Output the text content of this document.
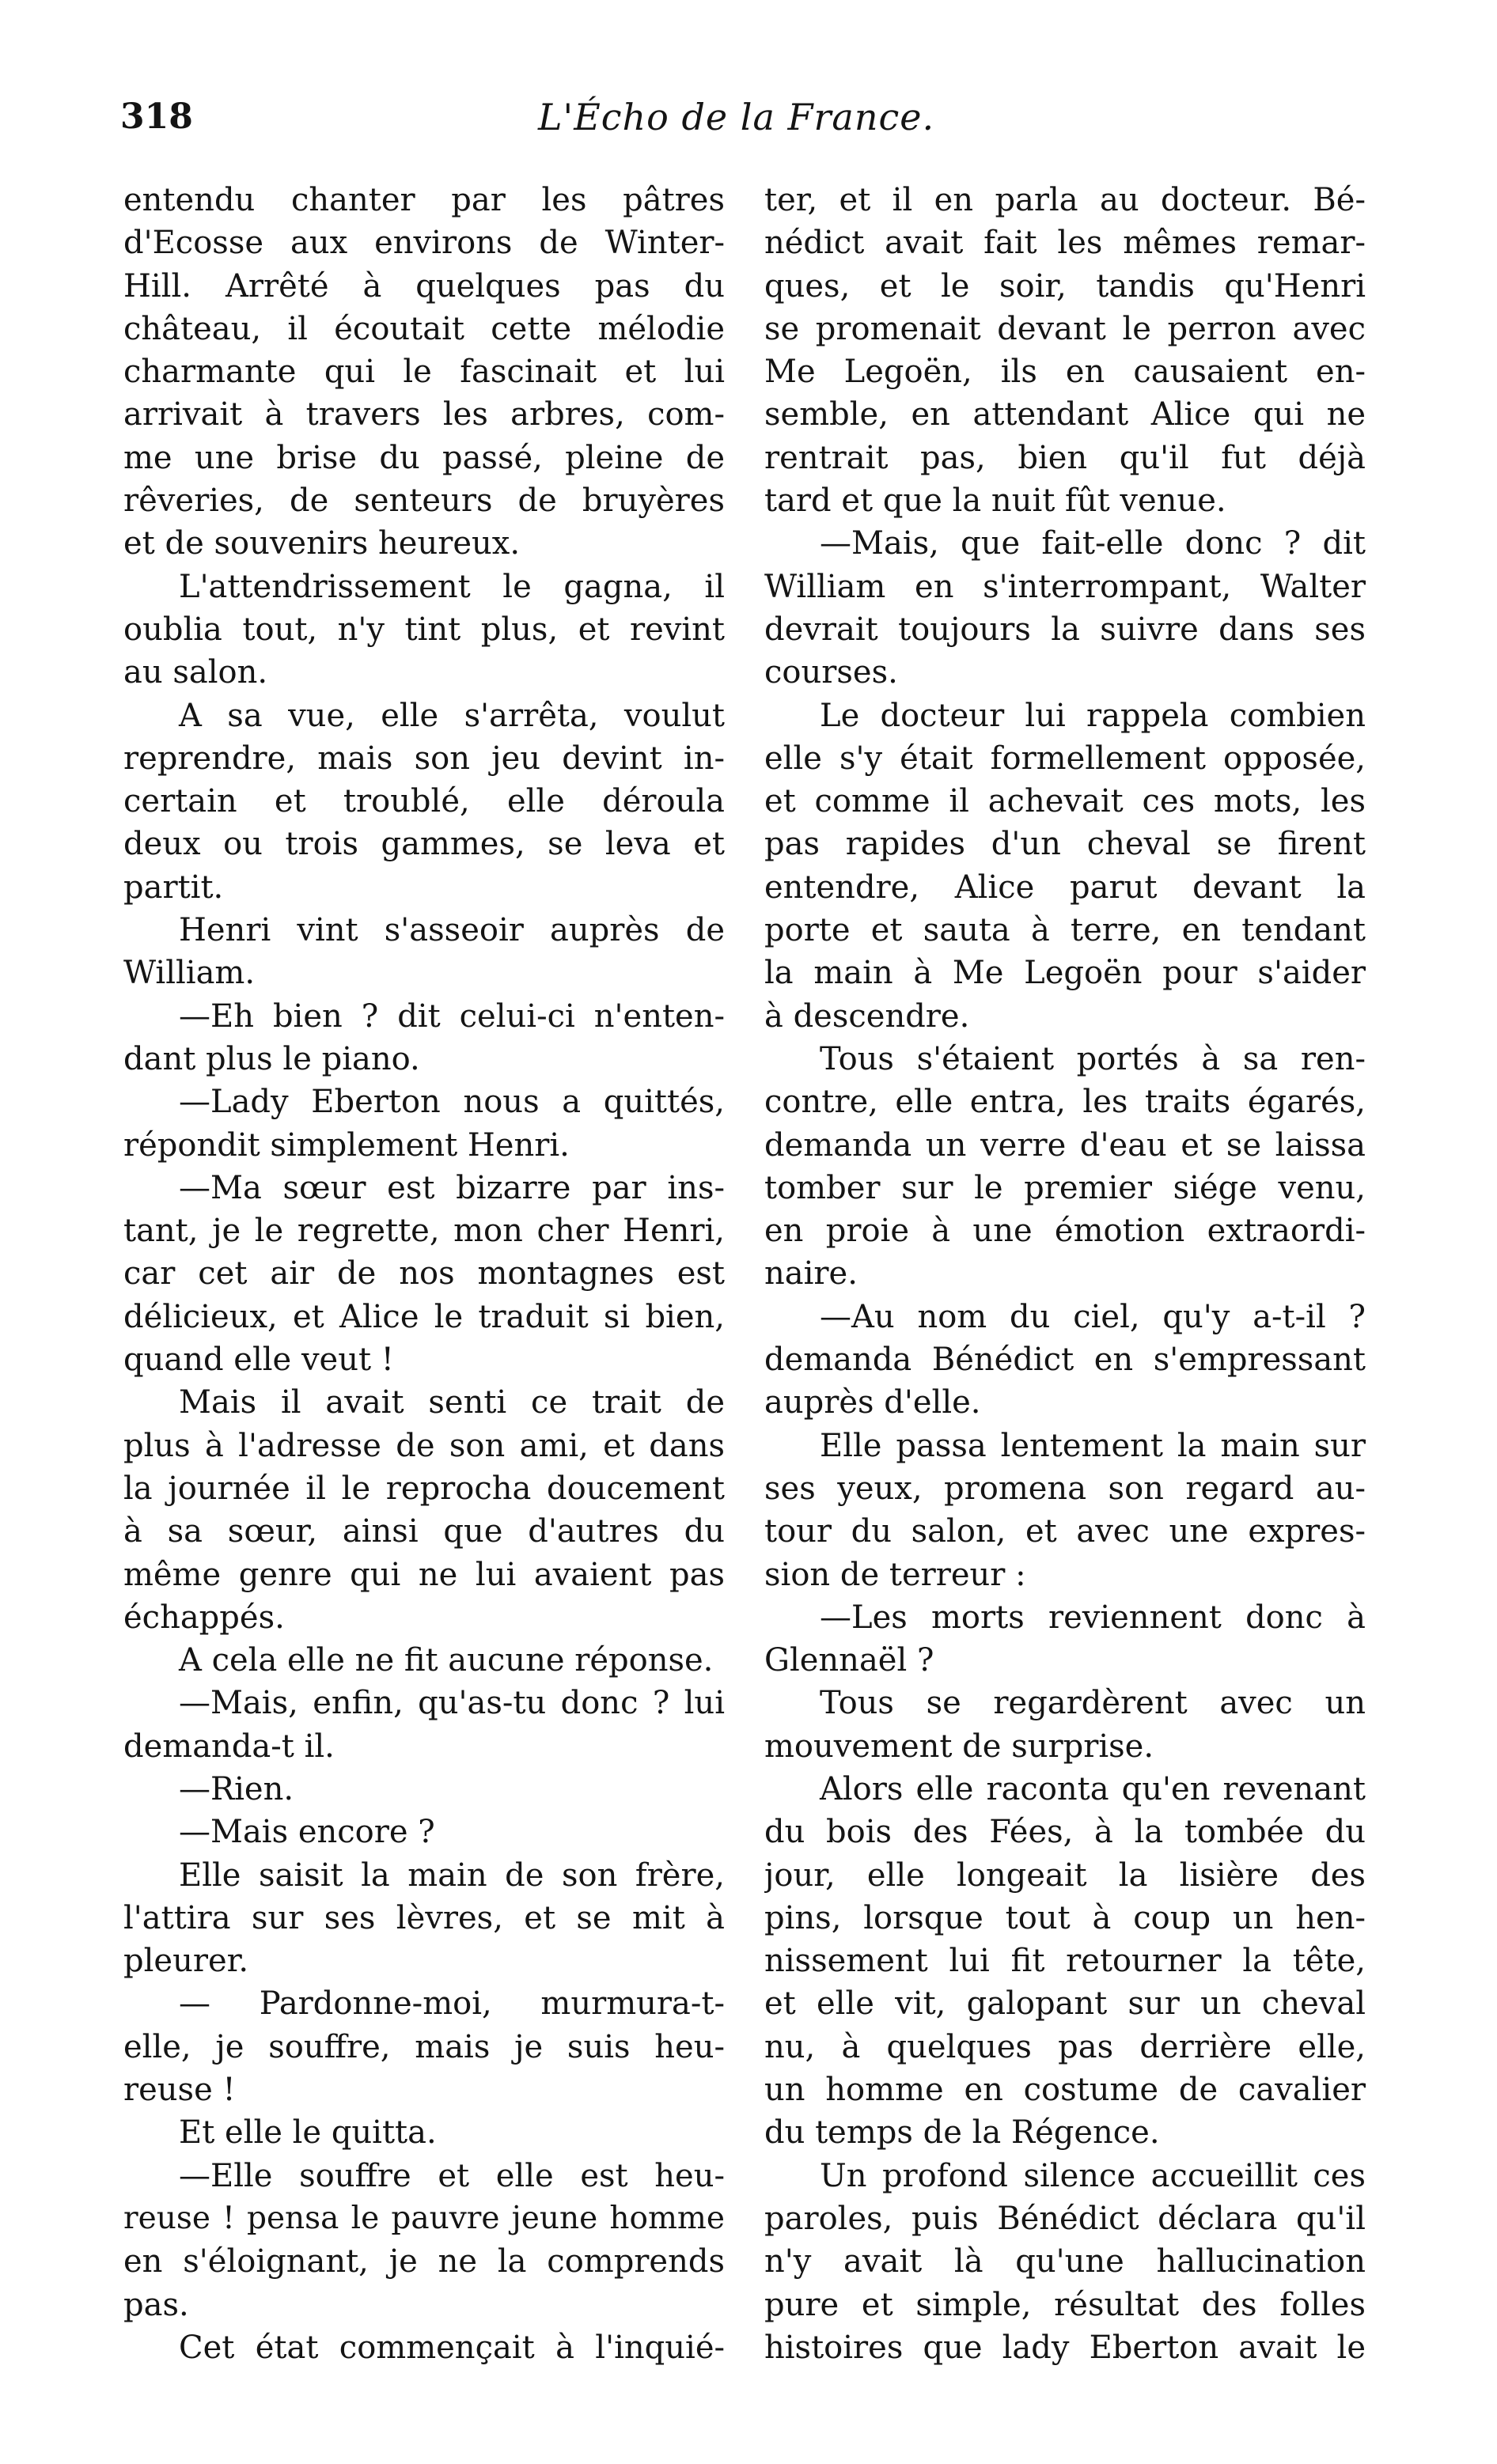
318	L'Écho de la France.
entendu chanter par les pâtres
d'Ecosse aux environs de Winter-
Hill. Arrêté à quelques pas du
château, il écoutait cette mélodie
charmante qui le fascinait et lui
arrivait à travers les arbres, com-
me une brise du passé, pleine de
rêveries, de senteurs de bruyères
et de souvenirs heureux.
L'attendrissement le gagna, il
oublia tout, n'y tint plus, et revint
au salon.
A sa vue, elle s'arrêta, voulut
reprendre, mais son jeu devint in-
certain et troublé, elle déroula
deux ou trois gammes, se leva et
partit.
Henri vint s'asseoir auprès de
William.
—Eh bien ? dit celui-ci n'enten-
dant plus le piano.
—Lady Eberton nous a quittés,
répondit simplement Henri.
—Ma sœur est bizarre par ins-
tant, je le regrette, mon cher Henri,
car cet air de nos montagnes est
délicieux, et Alice le traduit si bien,
quand elle veut !
Mais il avait senti ce trait de
plus à l'adresse de son ami, et dans
la journée il le reprocha doucement
à sa sœur, ainsi que d'autres du
même genre qui ne lui avaient pas
échappés.
A cela elle ne fit aucune réponse.
—Mais, enfin, qu'as-tu donc ? lui
demanda-t il.
—Rien.
—Mais encore ?
Elle saisit la main de son frère,
l'attira sur ses lèvres, et se mit à
pleurer.
— Pardonne-moi, murmura-t-
elle, je souffre, mais je suis heu-
reuse !
Et elle le quitta.
—Elle souffre et elle est heu-
reuse ! pensa le pauvre jeune homme
en s'éloignant, je ne la comprends
pas.
Cet état commençait à l'inquié-
ter, et il en parla au docteur. Bé-
nédict avait fait les mêmes remar-
ques, et le soir, tandis qu'Henri
se promenait devant le perron avec
Me Legoën, ils en causaient en-
semble, en attendant Alice qui ne
rentrait pas, bien qu'il fut déjà
tard et que la nuit fût venue.
—Mais, que fait-elle donc ? dit
William en s'interrompant, Walter
devrait toujours la suivre dans ses
courses.
Le docteur lui rappela combien
elle s'y était formellement opposée,
et comme il achevait ces mots, les
pas rapides d'un cheval se firent
entendre, Alice parut devant la
porte et sauta à terre, en tendant
la main à Me Legoën pour s'aider
à descendre.
Tous s'étaient portés à sa ren-
contre, elle entra, les traits égarés,
demanda un verre d'eau et se laissa
tomber sur le premier siége venu,
en proie à une émotion extraordi-
naire.
—Au nom du ciel, qu'y a-t-il ?
demanda Bénédict en s'empressant
auprès d'elle.
Elle passa lentement la main sur
ses yeux, promena son regard au-
tour du salon, et avec une expres-
sion de terreur :
—Les morts reviennent donc à
Glennaël ?
Tous se regardèrent avec un
mouvement de surprise.
Alors elle raconta qu'en revenant
du bois des Fées, à la tombée du
jour, elle longeait la lisière des
pins, lorsque tout à coup un hen-
nissement lui fit retourner la tête,
et elle vit, galopant sur un cheval
nu, à quelques pas derrière elle,
un homme en costume de cavalier
du temps de la Régence.
Un profond silence accueillit ces
paroles, puis Bénédict déclara qu'il
n'y avait là qu'une hallucination
pure et simple, résultat des folles
histoires que lady Eberton avait le
